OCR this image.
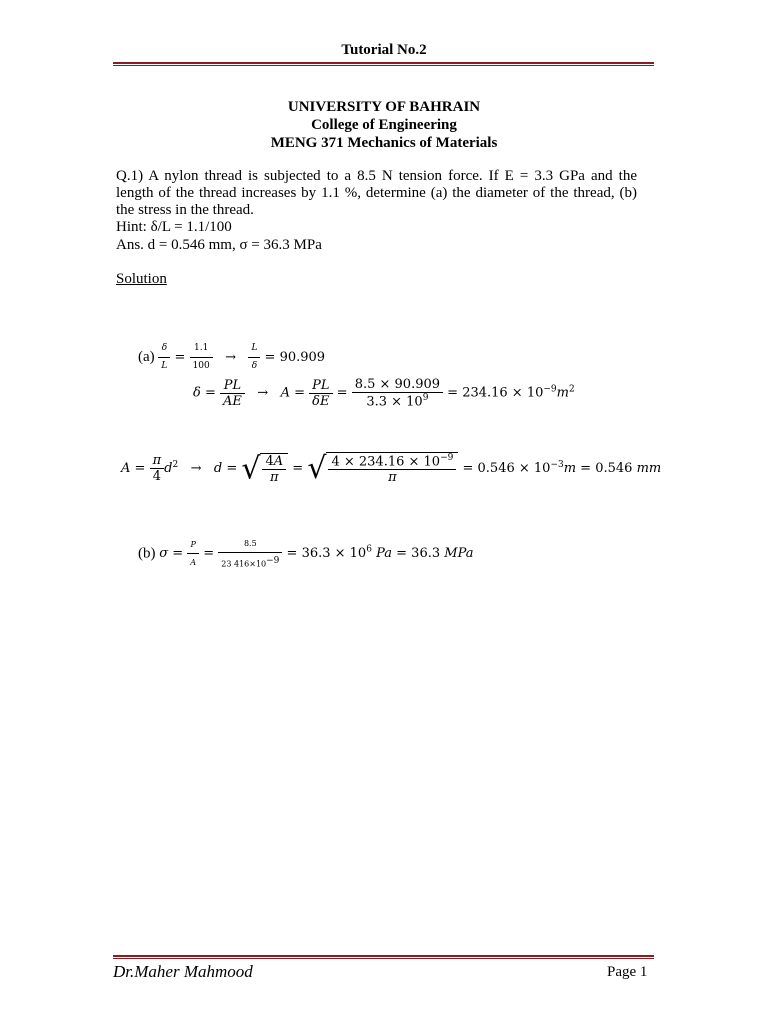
Tutorial No.2
UNIVERSITY OF BAHRAIN
College of Engineering
MENG 371 Mechanics of Materials
Q.1) A nylon thread is subjected to a 8.5 N tension force. If E = 3.3 GPa and the length of the thread increases by 1.1 %, determine (a) the diameter of the thread, (b) the stress in the thread.
Hint: δ/L = 1.1/100
Ans. d = 0.546 mm, σ = 36.3 MPa
Solution
$(a) \frac{\delta}{L} = \frac{1.1}{100} \to \frac{L}{\delta} = 90.909$
$\delta = \frac{PL}{AE} \to A = \frac{PL}{\delta E} = \frac{8.5 \times 90.909}{3.3 \times 10^9} = 234.16 \times 10^{-9}m^2$
$A = \frac{\pi}{4} d^2 \to d$ = √ $\frac{4A}{\pi}$ = √ $\frac{4 \times 234.16 \times 10^{-9}}{\pi} = 0.546 \times 10^{-3}m = 0.546$ mm
(b) $\sigma = \frac{P}{A} = \frac{8.5}{23 416\times 10^{-9}} = 36.3 \times 10^6$ Pa = 36.3 MPa
Dr.Maher Mahmood	Page 1
